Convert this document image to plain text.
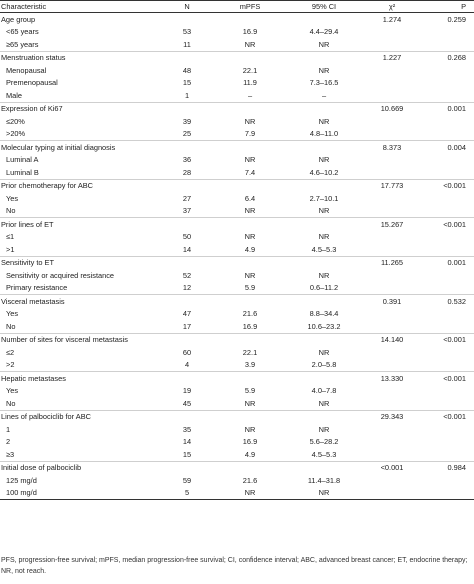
Characteristic	N	mPFS	95% CI	χ²	P
Age group				1.274	0.259
<65 years	53	16.9	4.4–29.4		
≥65 years	11	NR	NR		
Menstruation status				1.227	0.268
Menopausal	48	22.1	NR		
Premenopausal	15	11.9	7.3–16.5		
Male	1	–	–		
Expression of Ki67				10.669	0.001
≤20%	39	NR	NR		
>20%	25	7.9	4.8–11.0		
Molecular typing at initial diagnosis				8.373	0.004
Luminal A	36	NR	NR		
Luminal B	28	7.4	4.6–10.2		
Prior chemotherapy for ABC				17.773	<0.001
Yes	27	6.4	2.7–10.1		
No	37	NR	NR		
Prior lines of ET				15.267	<0.001
≤1	50	NR	NR		
>1	14	4.9	4.5–5.3		
Sensitivity to ET				11.265	0.001
Sensitivity or acquired resistance	52	NR	NR		
Primary resistance	12	5.9	0.6–11.2		
Visceral metastasis				0.391	0.532
Yes	47	21.6	8.8–34.4		
No	17	16.9	10.6–23.2		
Number of sites for visceral metastasis				14.140	<0.001
≤2	60	22.1	NR		
>2	4	3.9	2.0–5.8		
Hepatic metastases				13.330	<0.001
Yes	19	5.9	4.0–7.8		
No	45	NR	NR		
Lines of palbociclib for ABC				29.343	<0.001
1	35	NR	NR		
2	14	16.9	5.6–28.2		
≥3	15	4.9	4.5–5.3		
Initial dose of palbociclib				<0.001	0.984
125 mg/d	59	21.6	11.4–31.8		
100 mg/d	5	NR	NR		
PFS, progression-free survival; mPFS, median progression-free survival; CI, confidence interval; ABC, advanced breast cancer; ET, endocrine therapy; NR, not reach.
